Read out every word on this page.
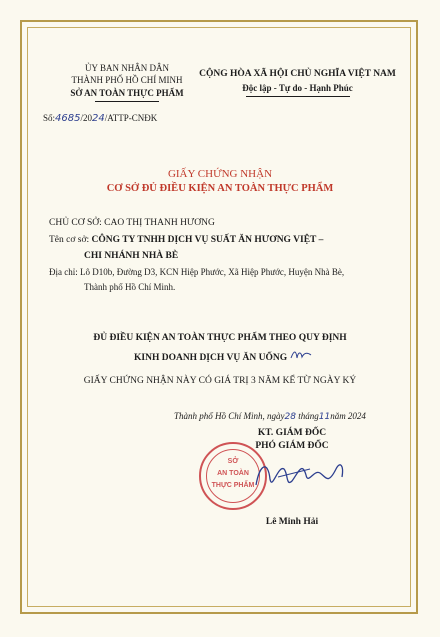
ỦY BAN NHÂN DÂN
THÀNH PHỐ HỒ CHÍ MINH
SỞ AN TOÀN THỰC PHẨM
CỘNG HÒA XÃ HỘI CHỦ NGHĨA VIỆT NAM
Độc lập - Tự do - Hạnh Phúc
Số:4685/2024/ATTP-CNĐK
GIẤY CHỨNG NHẬN
CƠ SỞ ĐỦ ĐIỀU KIỆN AN TOÀN THỰC PHẨM
CHỦ CƠ SỞ: CAO THỊ THANH HƯƠNG
Tên cơ sở: CÔNG TY TNHH DỊCH VỤ SUẤT ĂN HƯƠNG VIỆT –
CHI NHÁNH NHÀ BÈ
Địa chỉ: Lô D10b, Đường D3, KCN Hiệp Phước, Xã Hiệp Phước, Huyện Nhà Bè,
Thành phố Hồ Chí Minh.
ĐỦ ĐIỀU KIỆN AN TOÀN THỰC PHẨM THEO QUY ĐỊNH
KINH DOANH DỊCH VỤ ĂN UỐNG
GIẤY CHỨNG NHẬN NÀY CÓ GIÁ TRỊ 3 NĂM KỂ TỪ NGÀY KÝ
Thành phố Hồ Chí Minh, ngày28 tháng11năm 2024
KT. GIÁM ĐỐC
PHÓ GIÁM ĐỐC
SỞ
AN TOÀN
THỰC PHẨM
Lê Minh Hải
